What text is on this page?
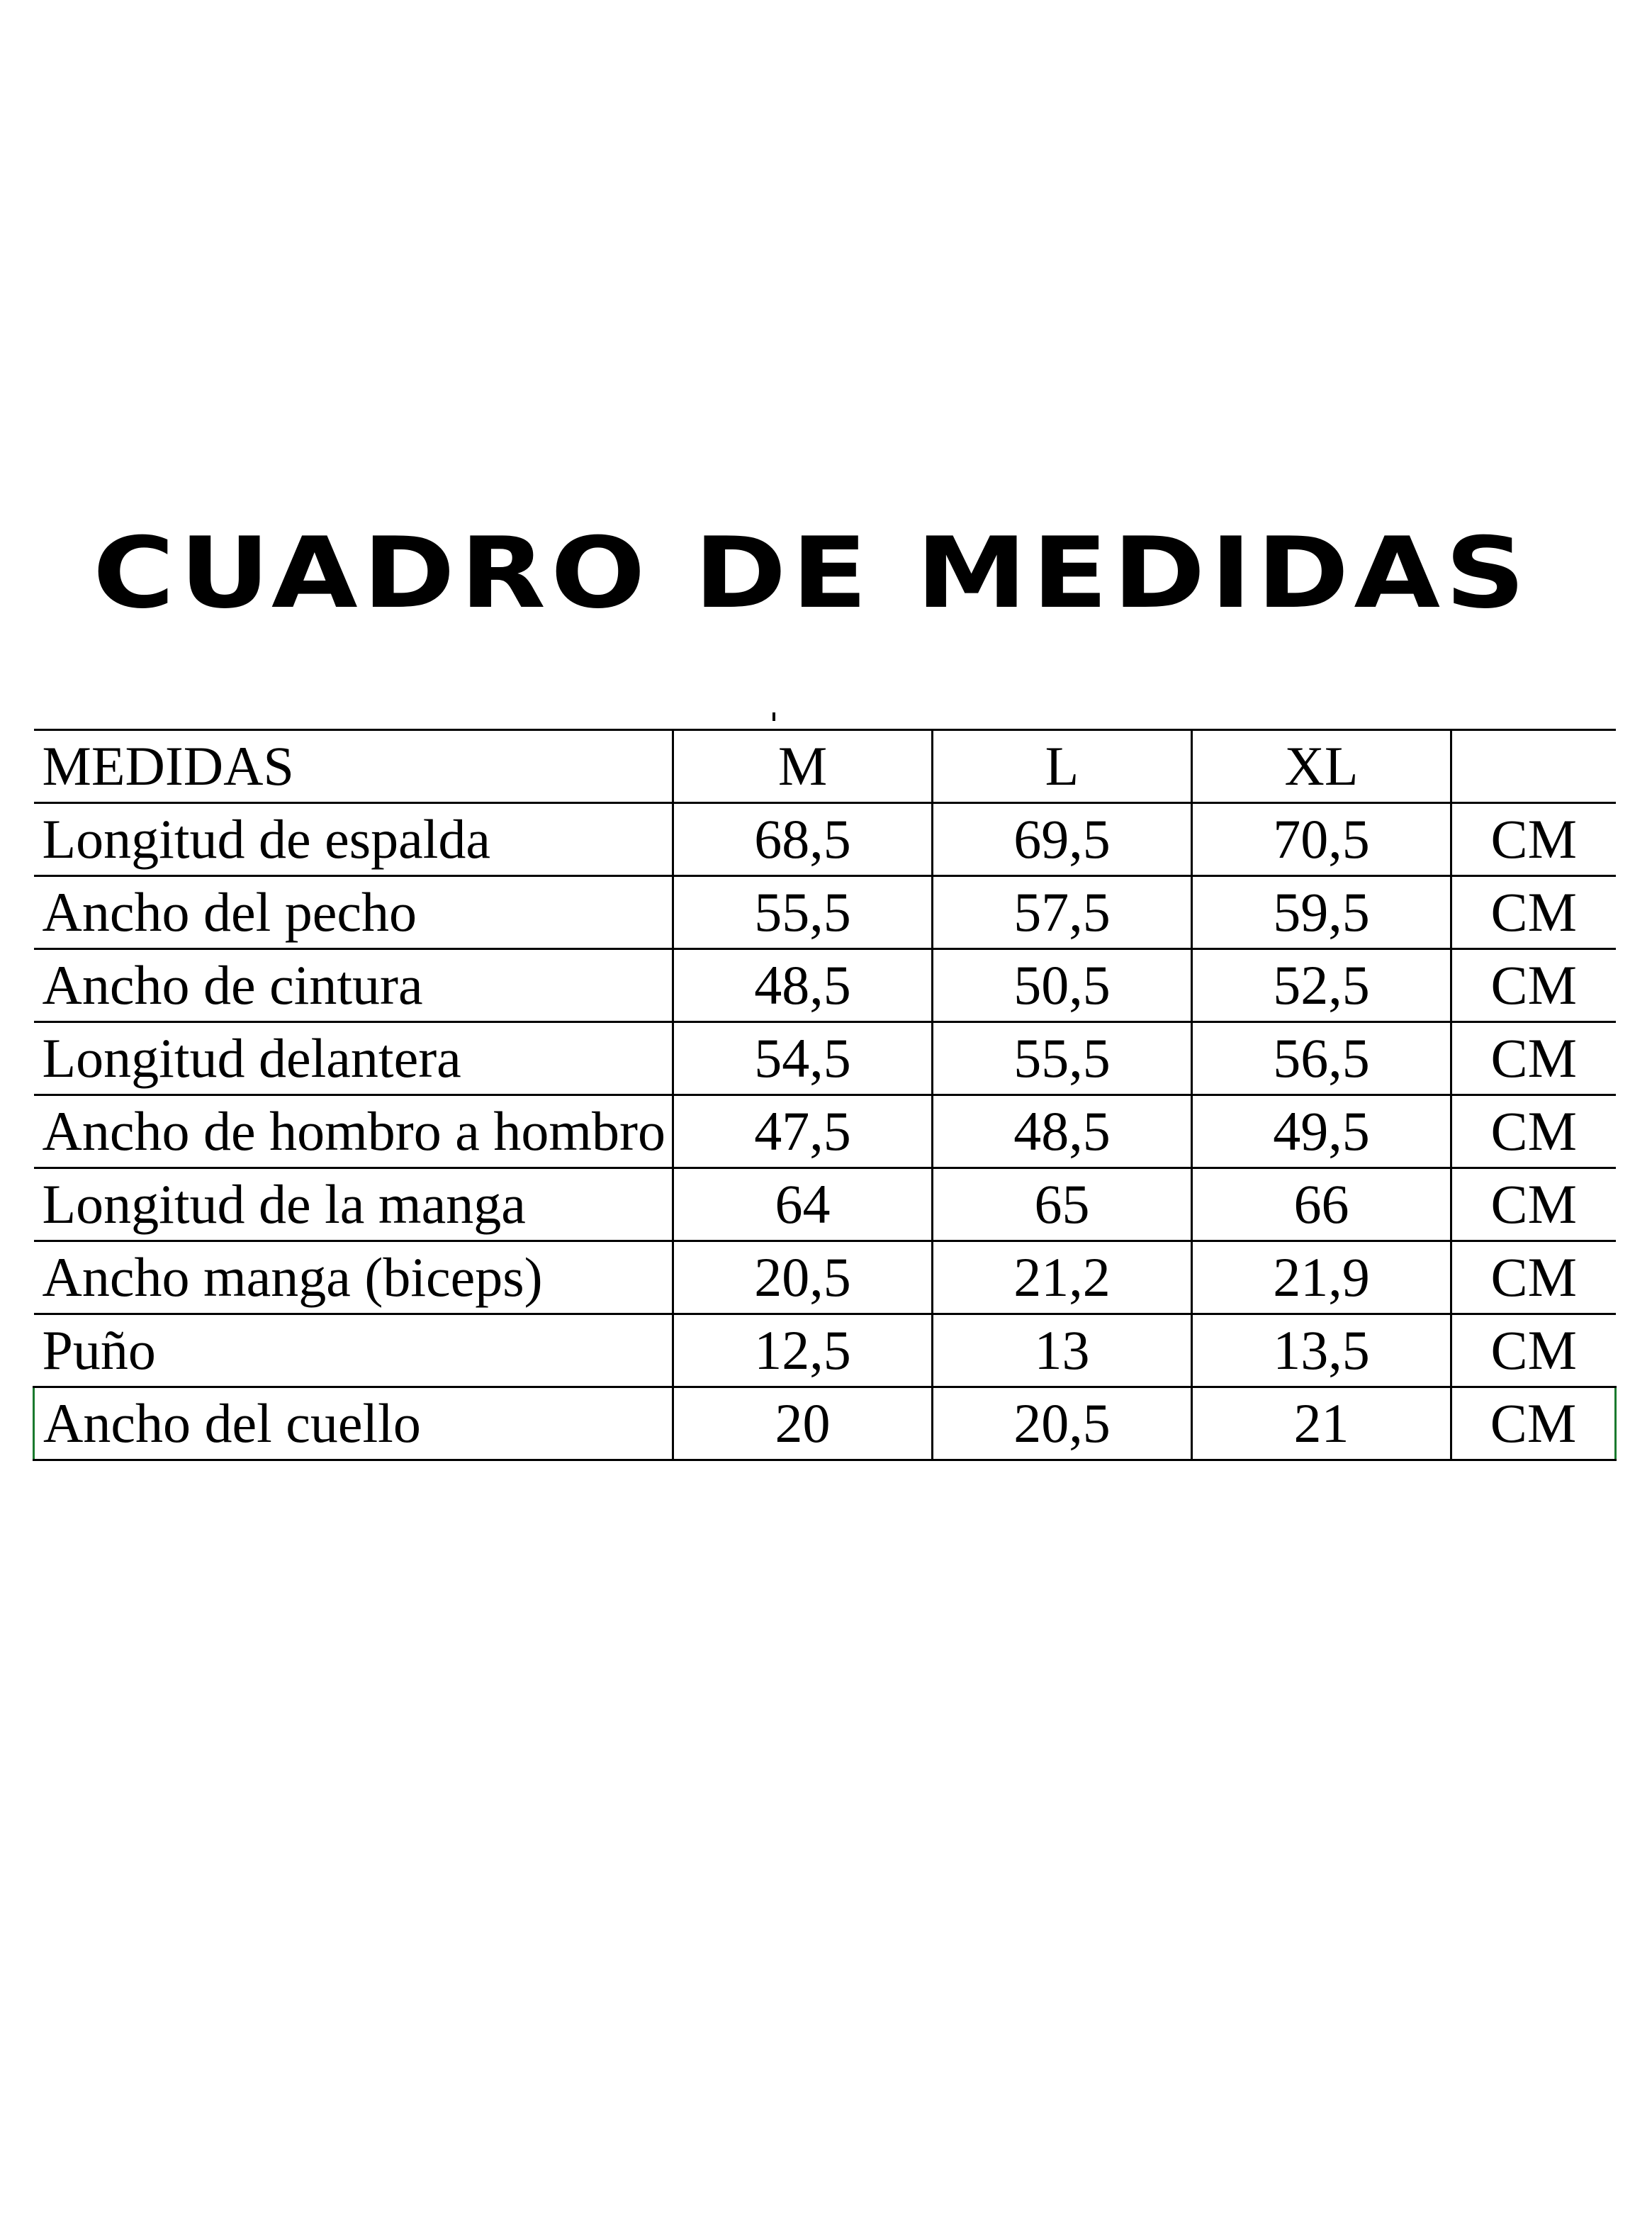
CUADRO DE MEDIDAS
MEDIDAS	M	L	XL	
Longitud de espalda	68,5	69,5	70,5	CM
Ancho del pecho	55,5	57,5	59,5	CM
Ancho de cintura	48,5	50,5	52,5	CM
Longitud delantera	54,5	55,5	56,5	CM
Ancho de hombro a hombro	47,5	48,5	49,5	CM
Longitud de la manga	64	65	66	CM
Ancho manga (biceps)	20,5	21,2	21,9	CM
Puño	12,5	13	13,5	CM
Ancho del cuello	20	20,5	21	CM
